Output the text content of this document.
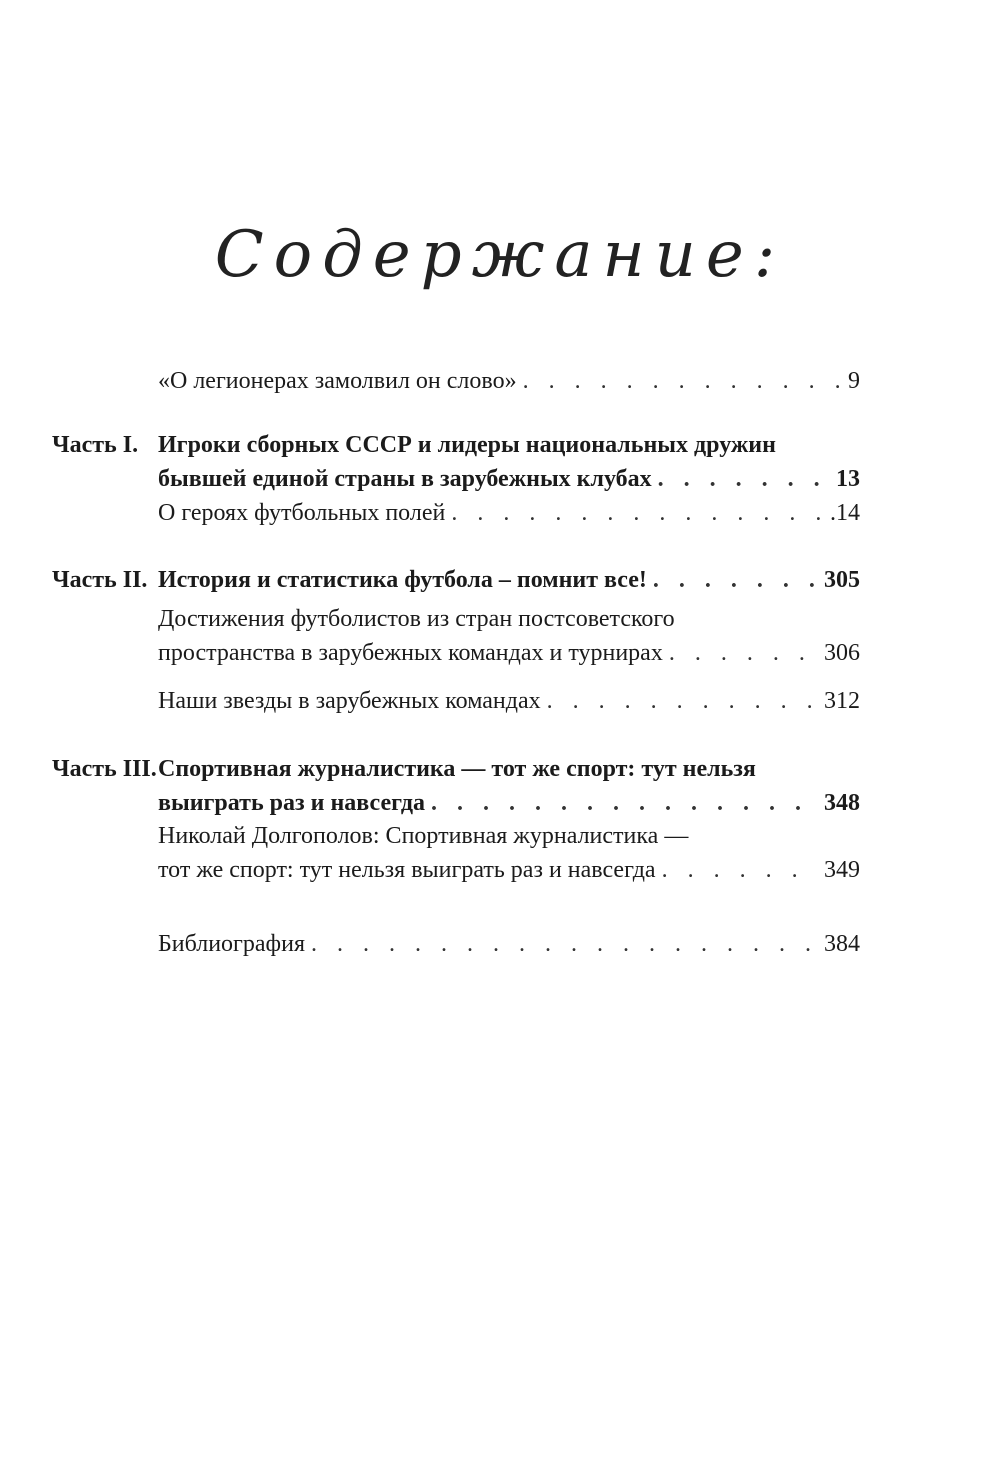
Содержание:
«О легионерах замолвил он слово» . . .	9
Часть I. Игроки сборных СССР и лидеры национальных дружин
бывшей единой страны в зарубежных клубах . . .	13
О героях футбольных полей . . .	.14
Часть II. История и статистика футбола – помнит все! . . .	305
Достижения футболистов из стран постсоветского
пространства в зарубежных командах и турнирах . . .	306
Наши звезды в зарубежных командах . . .	312
Часть III. Спортивная журналистика — тот же спорт: тут нельзя
выиграть раз и навсегда . . .	348
Николай Долгополов: Спортивная журналистика —
тот же спорт: тут нельзя выиграть раз и навсегда . . .	349
Библиография . . .	384
